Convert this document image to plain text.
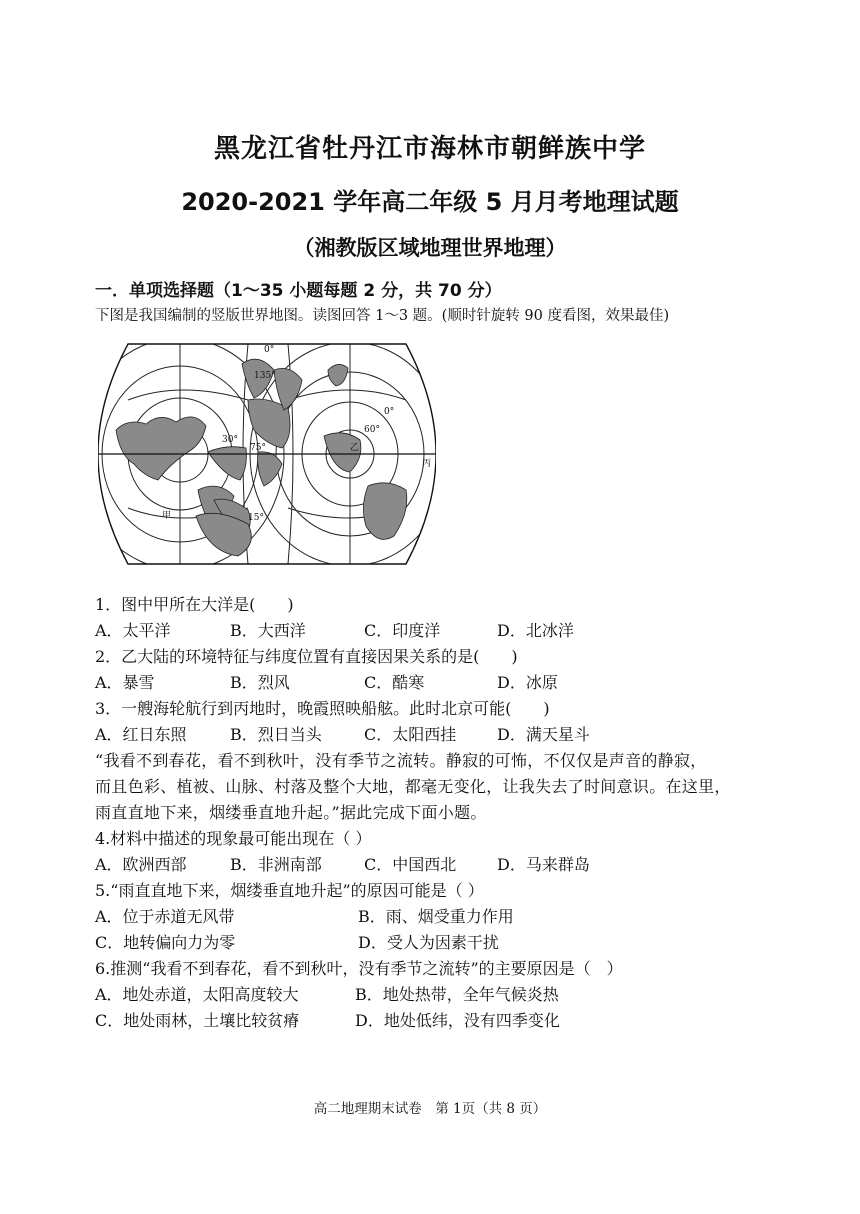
黑龙江省牡丹江市海林市朝鲜族中学
2020-2021 学年高二年级 5 月月考地理试题
（湘教版区域地理世界地理）
一．单项选择题（1～35 小题每题 2 分，共 70 分）
下图是我国编制的竖版世界地图。读图回答 1～3 题。(顺时针旋转 90 度看图，效果最佳)
甲
乙
丙
0°
135°
30°
75°
15°
60°
0°
1．图中甲所在大洋是(　　)
A．太平洋	B．大西洋	C．印度洋	D．北冰洋
2．乙大陆的环境特征与纬度位置有直接因果关系的是(　　)
A．暴雪	B．烈风	C．酷寒	D．冰原
3．一艘海轮航行到丙地时，晚霞照映船舷。此时北京可能(　　)
A．红日东照	B．烈日当头	C．太阳西挂	D．满天星斗
“我看不到春花，看不到秋叶，没有季节之流转。静寂的可怖，不仅仅是声音的静寂，
而且色彩、植被、山脉、村落及整个大地，都毫无变化，让我失去了时间意识。在这里，
雨直直地下来，烟缕垂直地升起。”据此完成下面小题。
4.材料中描述的现象最可能出现在（ ）
A．欧洲西部	B．非洲南部	C．中国西北	D．马来群岛
5.“雨直直地下来，烟缕垂直地升起”的原因可能是（ ）
A．位于赤道无风带	B．雨、烟受重力作用
C．地转偏向力为零	D．受人为因素干扰
6.推测“我看不到春花，看不到秋叶，没有季节之流转”的主要原因是（　）
A．地处赤道，太阳高度较大	B．地处热带，全年气候炎热
C．地处雨林，土壤比较贫瘠	D．地处低纬，没有四季变化
高二地理期末试卷　第 1页（共 8 页）
